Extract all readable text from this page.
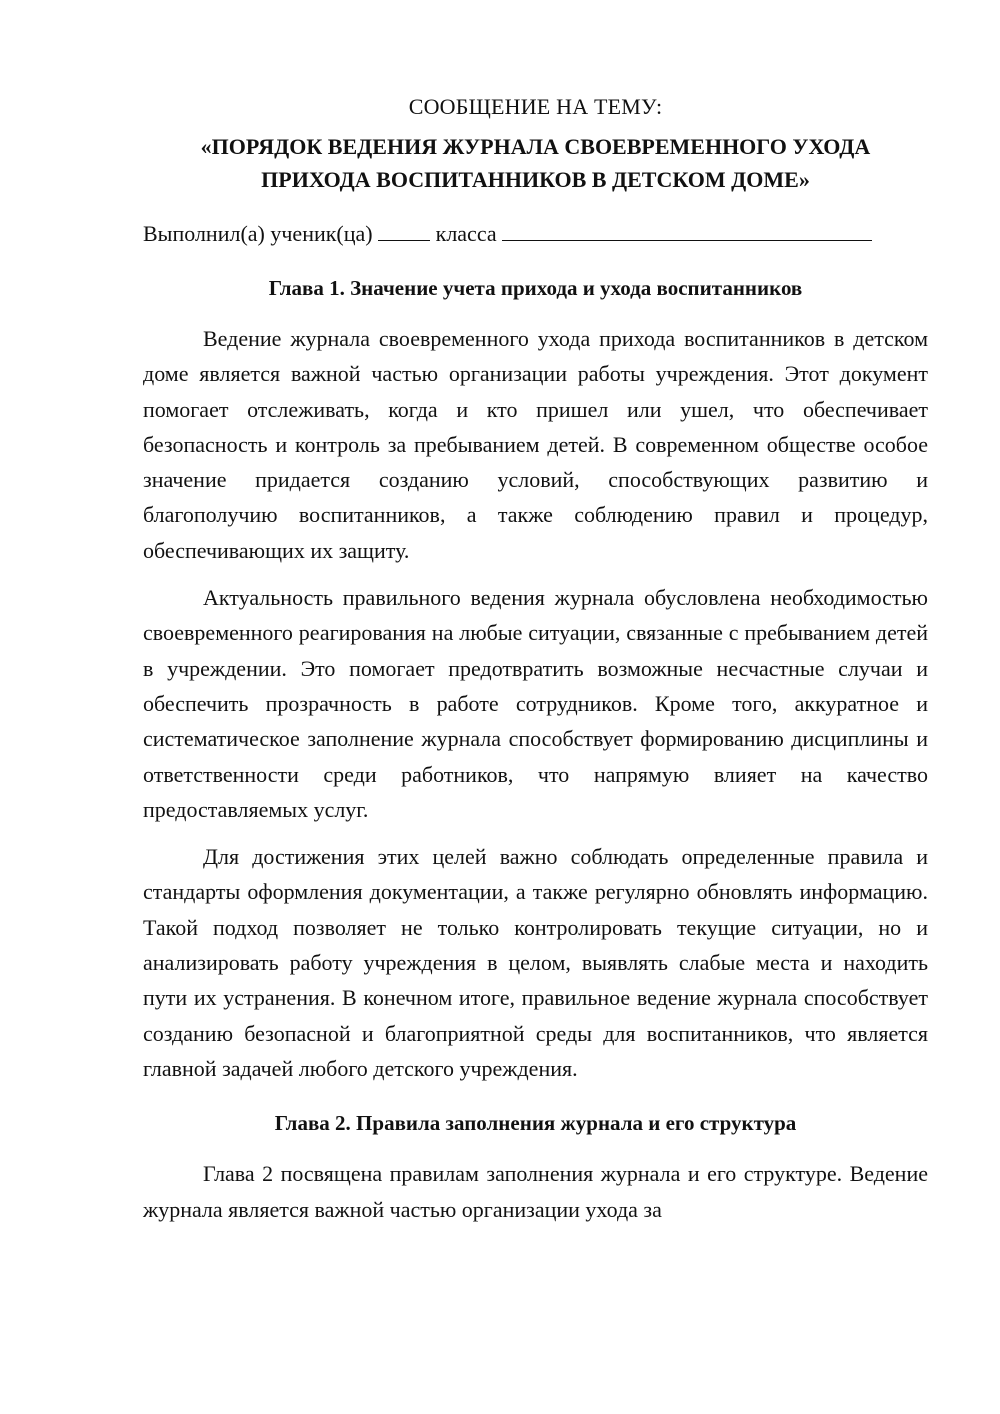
СООБЩЕНИЕ НА ТЕМУ:
«ПОРЯДОК ВЕДЕНИЯ ЖУРНАЛА СВОЕВРЕМЕННОГО УХОДА
ПРИХОДА ВОСПИТАННИКОВ В ДЕТСКОМ ДОМЕ»
Выполнил(а) ученик(ца)	класса
Глава 1. Значение учета прихода и ухода воспитанников

Ведение журнала своевременного ухода прихода воспитанников в детском доме является важной частью организации работы учреждения. Этот документ помогает отслеживать, когда и кто пришел или ушел, что обеспечивает безопасность и контроль за пребыванием детей. В современном обществе особое значение придается созданию условий, способствующих развитию и благополучию воспитанников, а также соблюдению правил и процедур, обеспечивающих их защиту.

Актуальность правильного ведения журнала обусловлена необходимостью своевременного реагирования на любые ситуации, связанные с пребыванием детей в учреждении. Это помогает предотвратить возможные несчастные случаи и обеспечить прозрачность в работе сотрудников. Кроме того, аккуратное и систематическое заполнение журнала способствует формированию дисциплины и ответственности среди работников, что напрямую влияет на качество предоставляемых услуг.

Для достижения этих целей важно соблюдать определенные правила и стандарты оформления документации, а также регулярно обновлять информацию. Такой подход позволяет не только контролировать текущие ситуации, но и анализировать работу учреждения в целом, выявлять слабые места и находить пути их устранения. В конечном итоге, правильное ведение журнала способствует созданию безопасной и благоприятной среды для воспитанников, что является главной задачей любого детского учреждения.

Глава 2. Правила заполнения журнала и его структура

Глава 2 посвящена правилам заполнения журнала и его структуре. Ведение журнала является важной частью организации ухода за
